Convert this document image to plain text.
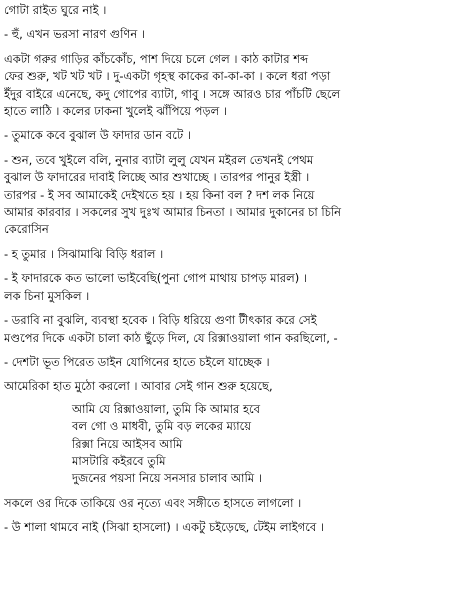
গোটা রাইত ঘুরে নাই ।

- হুঁ, এখন ভরসা নারণ গুণিন ।

একটা গরুর গাড়ির কাঁচকোঁচ, পাশ দিয়ে চলে গেল । কাঠ কাটার শব্দ
ফের শুরু, খট খট খট । দু-একটা গৃহস্থ কাকের কা-কা-কা । কলে ধরা পড়া
ইঁদুর বাইরে এনেছে, কদু গোপের ব্যাটা, গাবু । সঙ্গে আরও চার পাঁচটি ছেলে
হাতে লাঠি । কলের ঢাকনা খুলেই ঝাঁপিয়ে পড়ল ।

- তুমাকে কবে বুঝাল উ ফাদার ডান বটে ।

- শুন, তবে খুইলে বলি, নুনার ব্যাটা লুলু যেখন মইরল তেখনই পেথম
বুঝাল উ ফাদারের দাবাই লিচ্ছে আর শুখাচ্ছে । তারপর পানুর ইস্ত্রী ।
তারপর - ই সব আমাকেই দেইখতে হয় । হয় কিনা বল ? দশ লক নিয়ে
আমার কারবার । সকলের সুখ দুঃখ আমার চিনতা । আমার দুকানের চা চিনি
কেরোসিন

- হ তুমার । সিঝামাঝি বিড়ি ধরাল ।

- ই ফাদারকে কত ভালো ভাইবেছি(পুনা গোপ মাথায় চাপড় মারল) ।
লক চিনা মুসকিল ।

- ডরাবি না বুঝলি, ব্যবস্থা হবেক । বিড়ি ধরিয়ে গুণা টীৎকার করে সেই
মণ্ডপের দিকে একটা চালা কাঠ ছুঁড়ে দিল, যে রিক্সাওয়ালা গান করছিলো, -

- দেশটা ভূত পিরেত ডাইন যোগিনের হাতে চইলে যাচ্ছেক ।

আমেরিকা হাত মুঠো করলো । আবার সেই গান শুরু হয়েছে,

আমি যে রিক্সাওয়ালা, তুমি কি আমার হবে
বল গো ও মাধবী, তুমি বড় লকের ম্যায়ে
রিক্সা নিয়ে আইসব আমি
মাসটারি কইরবে তুমি
দুজনের পয়সা নিয়ে সনসার চালাব আমি ।

সকলে ওর দিকে তাকিয়ে ওর নৃত্যে এবং সঙ্গীতে হাসতে লাগলো ।

- উ শালা থামবে নাই (সিঝা হাসলো) । একটু চইড়েছে, টেইম লাইগবে ।
